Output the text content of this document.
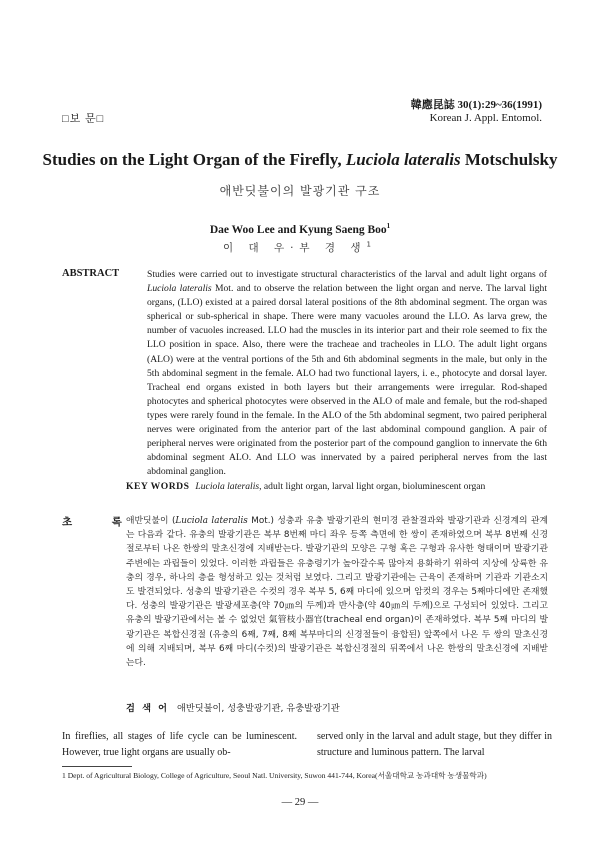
□보 문□
韓應昆誌 30(1):29~36(1991)
Korean J. Appl. Entomol.
Studies on the Light Organ of the Firefly, Luciola lateralis Motschulsky
애반딧불이의 발광기관 구조
Dae Woo Lee and Kyung Saeng Boo$^1$
이 대 우·부 경 생$^1$
ABSTRACT	Studies were carried out to investigate structural characteristics of the larval and adult light organs of Luciola lateralis Mot. and to observe the relation between the light organ and nerve. The larval light organs, (LLO) existed at a paired dorsal lateral positions of the 8th abdominal segment. The organ was spherical or sub-spherical in shape. There were many vacuoles around the LLO. As larva grew, the number of vacuoles increased. LLO had the muscles in its interior part and their role seemed to fix the LLO position in space. Also, there were the tracheae and tracheoles in LLO. The adult light organs (ALO) were at the ventral portions of the 5th and 6th abdominal segments in the male, but only in the 5th abdominal segment in the female. ALO had two functional layers, i. e., photocyte and dorsal layer. Tracheal end organs existed in both layers but their arrangements were irregular. Rod-shaped photocytes and spherical photocytes were observed in the ALO of male and female, but the rod-shaped types were rarely found in the female. In the ALO of the 5th abdominal segment, two paired peripheral nerves were originated from the anterior part of the last abdominal compound ganglion. A pair of peripheral nerves were originated from the posterior part of the compound ganglion to innervate the 6th abdominal segment ALO. And LLO was innervated by a paired peripheral nerves from the last abdominal ganglion.
KEY WORDS Luciola lateralis, adult light organ, larval light organ, bioluminescent organ
초 록
애반딧불이 (Luciola lateralis Mot.) 성충과 유충 발광기관의 현미경 관찰결과와 발광기관과 신경계의 관계는 다음과 같다. 유충의 발광기관은 복부 8번째 마디 좌우 등쪽 측면에 한 쌍이 존재하였으며 복부 8번째 신경절로부터 나온 한쌍의 말초신경에 지배받는다. 발광기관의 모양은 구형 혹은 구형과 유사한 형태이며 발광기관 주변에는 과립들이 있었다. 이러한 과립들은 유충령기가 높아갈수록 많아져 용화하기 위하여 지상에 상륙한 유충의 경우, 하나의 층을 형성하고 있는 것처럼 보였다. 그리고 발광기관에는 근육이 존재하며 기관과 기관소지도 발견되었다. 성충의 발광기관은 수컷의 경우 복부 5, 6째 마디에 있으며 암컷의 경우는 5째마디에만 존재했다. 성충의 발광기관은 발광세포층(약 70㎛의 두께)과 반사층(약 40㎛의 두께)으로 구성되어 있었다. 그리고 유충의 발광기관에서는 볼 수 없었던 氣管枝小器官(tracheal end organ)이 존재하였다. 복부 5째 마디의 발광기관은 복합신경절 (유충의 6째, 7째, 8째 복부마디의 신경절들이 융합된) 앞쪽에서 나온 두 쌍의 말초신경에 의해 지배되며, 복부 6째 마디(수컷)의 발광기관은 복합신경절의 뒤쪽에서 나온 한쌍의 말초신경에 지배받는다.
검 색 어 애반딧불이, 성충발광기관, 유충발광기관
In fireflies, all stages of life cycle can be luminescent. However, true light organs are usually ob-
served only in the larval and adult stage, but they differ in structure and luminous pattern. The larval
1 Dept. of Agricultural Biology, College of Agriculture, Seoul Natl. University, Suwon 441-744, Korea(서울대학교 농과대학 농생물학과)
— 29 —
